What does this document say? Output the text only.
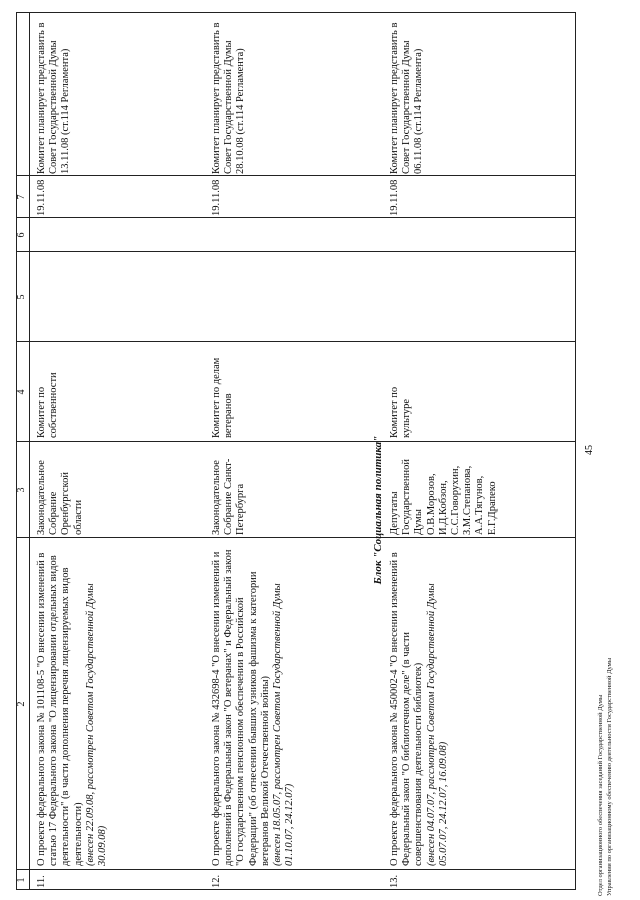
1
2
3
4
5
6
7
11.
О проекте федерального закона № 101108-5 "О внесении изменений в статью 17 Федерального закона "О лицензировании отдельных видов деятельности" (в части дополнения перечня лицензируемых видов деятельности)
(внесен 22.09.08, рассмотрен Советом Государственной Думы 30.09.08)
Законодательное Собрание Оренбургской области
Комитет по собственности
19.11.08
Комитет планирует представить в Совет Государственной Думы 13.11.08 (ст.114 Регламента)
Блок "Социальная политика"
12.
О проекте федерального закона № 432698-4 "О внесении изменений и дополнений в Федеральный закон "О ветеранах" и Федеральный закон "О государственном пенсионном обеспечении в Российской Федерации" (об отнесении бывших узников фашизма к категории ветеранов Великой Отечественной войны)
(внесен 18.05.07, рассмотрен Советом Государственной Думы 01.10.07, 24.12.07)
Законодательное Собрание Санкт-Петербурга
Комитет по делам ветеранов
19.11.08
Комитет планирует представить в Совет Государственной Думы 28.10.08 (ст.114 Регламента)
13.
О проекте федерального закона № 450002-4 "О внесении изменений в Федеральный закон "О библиотечном деле" (в части совершенствования деятельности библиотек)
(внесен 04.07.07, рассмотрен Советом Государственной Думы 05.07.07, 24.12.07, 16.09.08)
Депутаты Государственной Думы О.В.Морозов, И.Д.Кобзон, С.С.Говорухин, З.М.Степанова, А.А.Тягунов, Е.Г.Драпеко
Комитет по культуре
19.11.08
Комитет планирует представить в Совет Государственной Думы 06.11.08 (ст.114 Регламента)
45
Отдел организационного обеспечения заседаний Государственной Думы Управления по организационному обеспечению деятельности Государственной Думы
